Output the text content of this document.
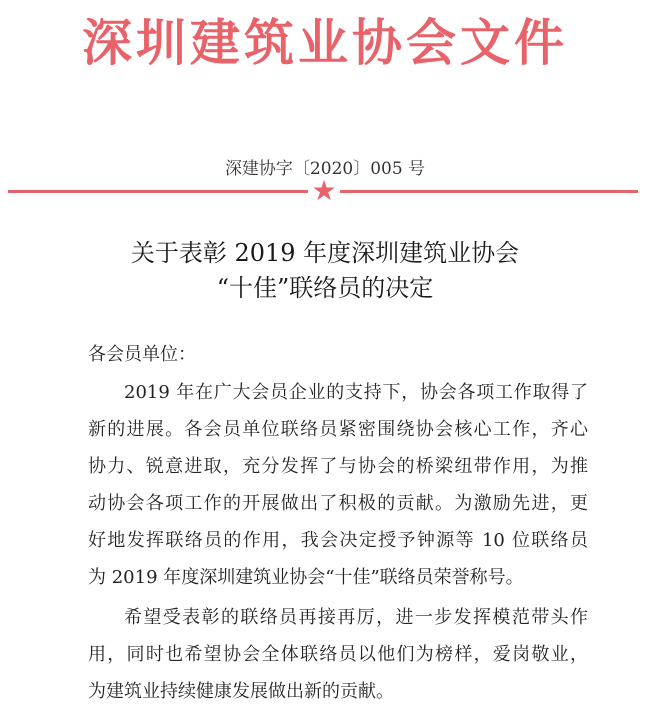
深圳建筑业协会文件
深建协字〔2020〕005 号
★
关于表彰 2019 年度深圳建筑业协会
“十佳”联络员的决定
各会员单位：
2019 年在广大会员企业的支持下，协会各项工作取得了
新的进展。各会员单位联络员紧密围绕协会核心工作，齐心
协力、锐意进取，充分发挥了与协会的桥梁纽带作用，为推
动协会各项工作的开展做出了积极的贡献。为激励先进，更
好地发挥联络员的作用，我会决定授予钟源等 10 位联络员
为 2019 年度深圳建筑业协会“十佳”联络员荣誉称号。
希望受表彰的联络员再接再厉，进一步发挥模范带头作
用，同时也希望协会全体联络员以他们为榜样，爱岗敬业，
为建筑业持续健康发展做出新的贡献。
